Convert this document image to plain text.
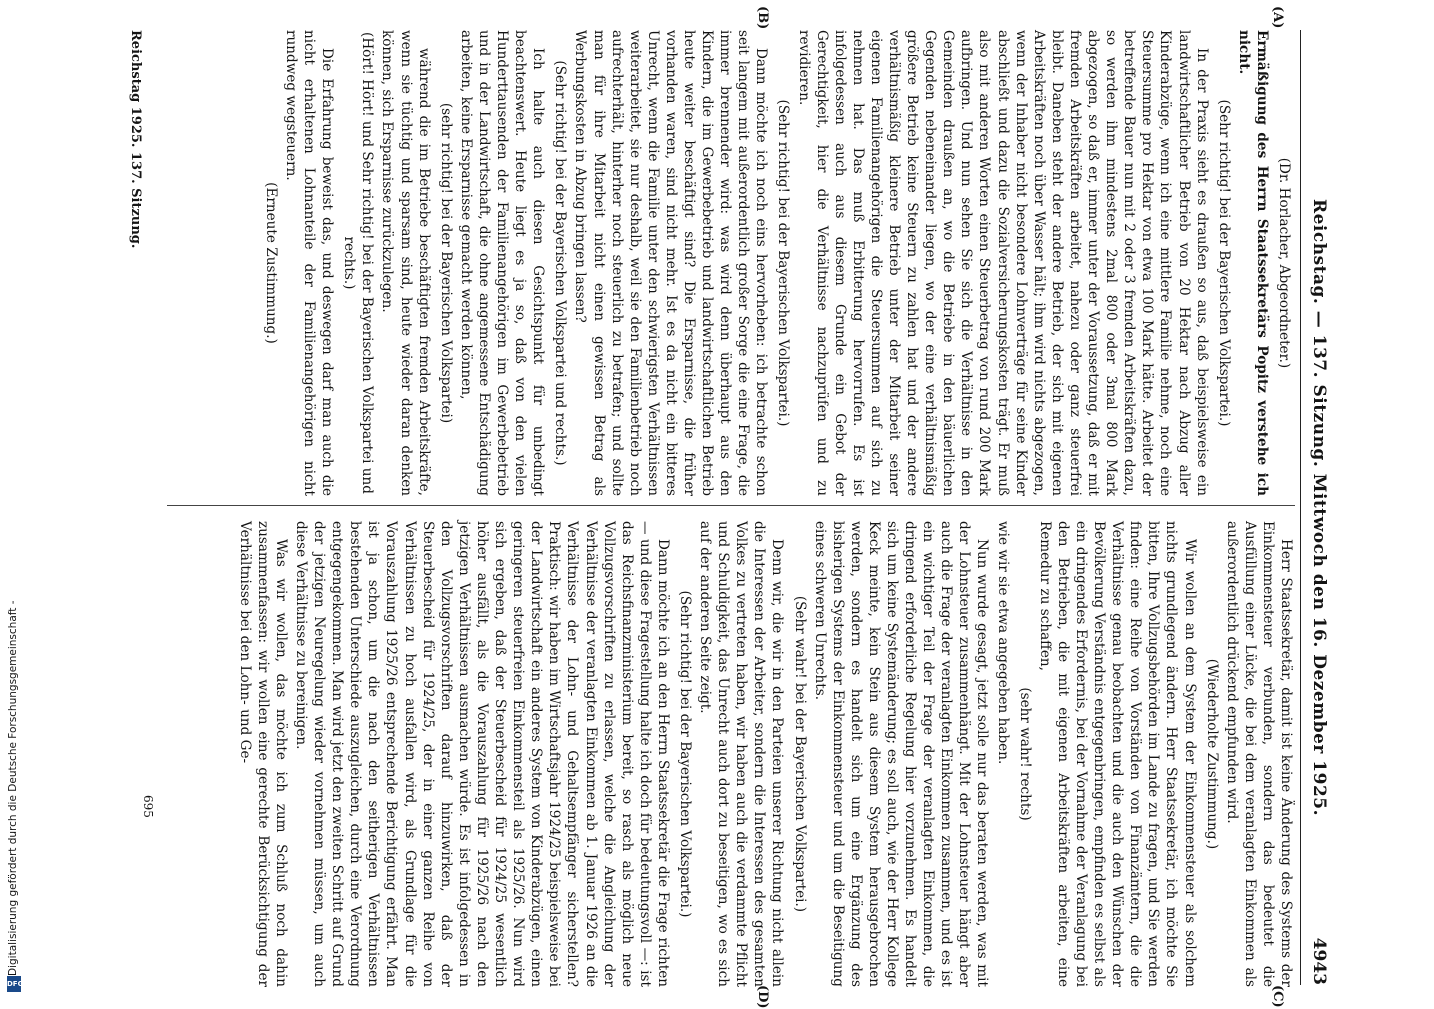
Reichstag. — 137. Sitzung. Mittwoch den 16. Dezember 1925.
4943
(A)
(B)
(C)
(D)

(Dr. Horlacher, Abgeordneter.)

Ermäßigung des Herrn Staatssekretärs Popitz verstehe ich nicht.

(Sehr richtig! bei der Bayerischen Volkspartei.)

In der Praxis sieht es draußen so aus, daß beispielsweise ein landwirtschaftlicher Betrieb von 20 Hektar nach Abzug aller Kinderabzüge, wenn ich eine mittlere Familie nehme, noch eine Steuersumme pro Hektar von etwa 100 Mark hätte. Arbeitet der betreffende Bauer nun mit 2 oder 3 fremden Arbeitskräften dazu, so werden ihm mindestens 2mal 800 oder 3mal 800 Mark abgezogen, so daß er, immer unter der Voraussetzung, daß er mit fremden Arbeitskräften arbeitet, nahezu oder ganz steuerfrei bleibt. Daneben steht der andere Betrieb, der sich mit eigenen Arbeitskräften noch über Wasser hält; ihm wird nichts abgezogen, wenn der Inhaber nicht besondere Lohnverträge für seine Kinder abschließt und dazu die Sozialversicherungskosten trägt. Er muß also mit anderen Worten einen Steuerbetrag von rund 200 Mark aufbringen. Und nun sehen Sie sich die Verhältnisse in den Gemeinden draußen an, wo die Betriebe in den bäuerlichen Gegenden nebeneinander liegen, wo der eine verhältnismäßig größere Betrieb keine Steuern zu zahlen hat und der andere verhältnismäßig kleinere Betrieb unter der Mitarbeit seiner eigenen Familienangehörigen die Steuersummen auf sich zu nehmen hat. Das muß Erbitterung hervorrufen. Es ist infolgedessen auch aus diesem Grunde ein Gebot der Gerechtigkeit, hier die Verhältnisse nachzuprüfen und zu revidieren.

(Sehr richtig! bei der Bayerischen Volkspartei.)

Dann möchte ich noch eins hervorheben: ich betrachte schon seit langem mit außerordentlich großer Sorge die eine Frage, die immer brennender wird: was wird denn überhaupt aus den Kindern, die im Gewerbebetrieb und landwirtschaftlichen Betrieb heute weiter beschäftigt sind? Die Ersparnisse, die früher vorhanden waren, sind nicht mehr. Ist es da nicht ein bitteres Unrecht, wenn die Familie unter den schwierigsten Verhältnissen weiterarbeitet, sie nur deshalb, weil sie den Familienbetrieb noch aufrechterhält, hinterher noch steuerlich zu betrafen; und sollte man für ihre Mitarbeit nicht einen gewissen Betrag als Werbungskosten in Abzug bringen lassen?

(Sehr richtig! bei der Bayerischen Volkspartei und rechts.)

Ich halte auch diesen Gesichtspunkt für unbedingt beachtenswert. Heute liegt es ja so, daß von den vielen Hunderttausenden der Familienangehörigen im Gewerbebetrieb und in der Landwirtschaft, die ohne angemessene Entschädigung arbeiten, keine Ersparnisse gemacht werden können,

(sehr richtig! bei der Bayerischen Volkspartei)

während die im Betriebe beschäftigten fremden Arbeitskräfte, wenn sie tüchtig und sparsam sind, heute wieder daran denken können, sich Ersparnisse zurückzulegen.

(Hört! Hört! und Sehr richtig! bei der Bayerischen Volkspartei und rechts.)

Die Erfahrung beweist das, und deswegen darf man auch die nicht erhaltenen Lohnanteile der Familienangehörigen nicht rundweg wegsteuern.

(Erneute Zustimmung.)

Herr Staatssekretär, damit ist keine Änderung des Systems der Einkommensteuer verbunden, sondern das bedeutet die Ausfüllung einer Lücke, die bei dem veranlagten Einkommen als außerordentlich drückend empfunden wird.

(Wiederholte Zustimmung.)

Wir wollen an dem System der Einkommensteuer als solchem nichts grundlegend ändern. Herr Staatssekretär, ich möchte Sie bitten, Ihre Vollzugsbehörden im Lande zu fragen, und Sie werden finden: eine Reihe von Vorständen von Finanzämtern, die die Verhältnisse genau beobachten und die auch den Wünschen der Bevölkerung Verständnis entgegenbringen, empfinden es selbst als ein dringendes Erfordernis, bei der Vornahme der Veranlagung bei den Betrieben, die mit eigenen Arbeitskräften arbeiten, eine Remedur zu schaffen,

(sehr wahr! rechts)

wie wir sie etwa angegeben haben.

Nun wurde gesagt, jetzt solle nur das beraten werden, was mit der Lohnsteuer zusammenhängt. Mit der Lohnsteuer hängt aber auch die Frage der veranlagten Einkommen zusammen, und es ist ein wichtiger Teil der Frage der veranlagten Einkommen, die dringend erforderliche Regelung hier vorzunehmen. Es handelt sich um keine Systemänderung; es soll auch, wie der Herr Kollege Keck meinte, kein Stein aus diesem System herausgebrochen werden, sondern es handelt sich um eine Ergänzung des bisherigen Systems der Einkommensteuer und um die Beseitigung eines schweren Unrechts.

(Sehr wahr! bei der Bayerischen Volkspartei.)

Denn wir, die wir in den Parteien unserer Richtung nicht allein die Interessen der Arbeiter, sondern die Interessen des gesamten Volkes zu vertreten haben, wir haben auch die verdammte Pflicht und Schuldigkeit, das Unrecht auch dort zu beseitigen, wo es sich auf der anderen Seite zeigt.

(Sehr richtig! bei der Bayerischen Volkspartei.)

Dann möchte ich an den Herrn Staatssekretär die Frage richten — und diese Fragestellung halte ich doch für bedeutungsvoll —: ist das Reichsfinanzministerium bereit, so rasch als möglich neue Vollzugsvorschriften zu erlassen, welche die Angleichung der Verhältnisse der veranlagten Einkommen ab 1. Januar 1926 an die Verhältnisse der Lohn- und Gehaltsempfänger sicherstellen? Praktisch: wir haben im Wirtschaftsjahr 1924/25 beispielsweise bei der Landwirtschaft ein anderes System von Kinderabzügen, einen geringeren steuerfreien Einkommensteil als 1925/26. Nun wird sich ergeben, daß der Steuerbescheid für 1924/25 wesentlich höher ausfällt, als die Vorauszahlung für 1925/26 nach den jetzigen Verhältnissen ausmachen würde. Es ist infolgedessen in den Vollzugsvorschriften darauf hinzuwirken, daß der Steuerbescheid für 1924/25, der in einer ganzen Reihe von Verhältnissen zu hoch ausfallen wird, als Grundlage für die Vorauszahlung 1925/26 entsprechende Berichtigung erfährt. Man ist ja schon, um die nach den seitherigen Verhältnissen bestehenden Unterschiede auszugleichen, durch eine Verordnung entgegengekommen. Man wird jetzt den zweiten Schritt auf Grund der jetzigen Neuregelung wieder vornehmen müssen, um auch diese Verhältnisse zu bereinigen.

Was wir wollen, das möchte ich zum Schluß noch dahin zusammenfassen: wir wollen eine gerechte Berücksichtigung der Verhältnisse bei den Lohn- und Ge-

Reichstag 1925. 137. Sitzung.
695
Digitalisierung gefördert durch die Deutsche Forschungsgemeinschaft -
DFG
